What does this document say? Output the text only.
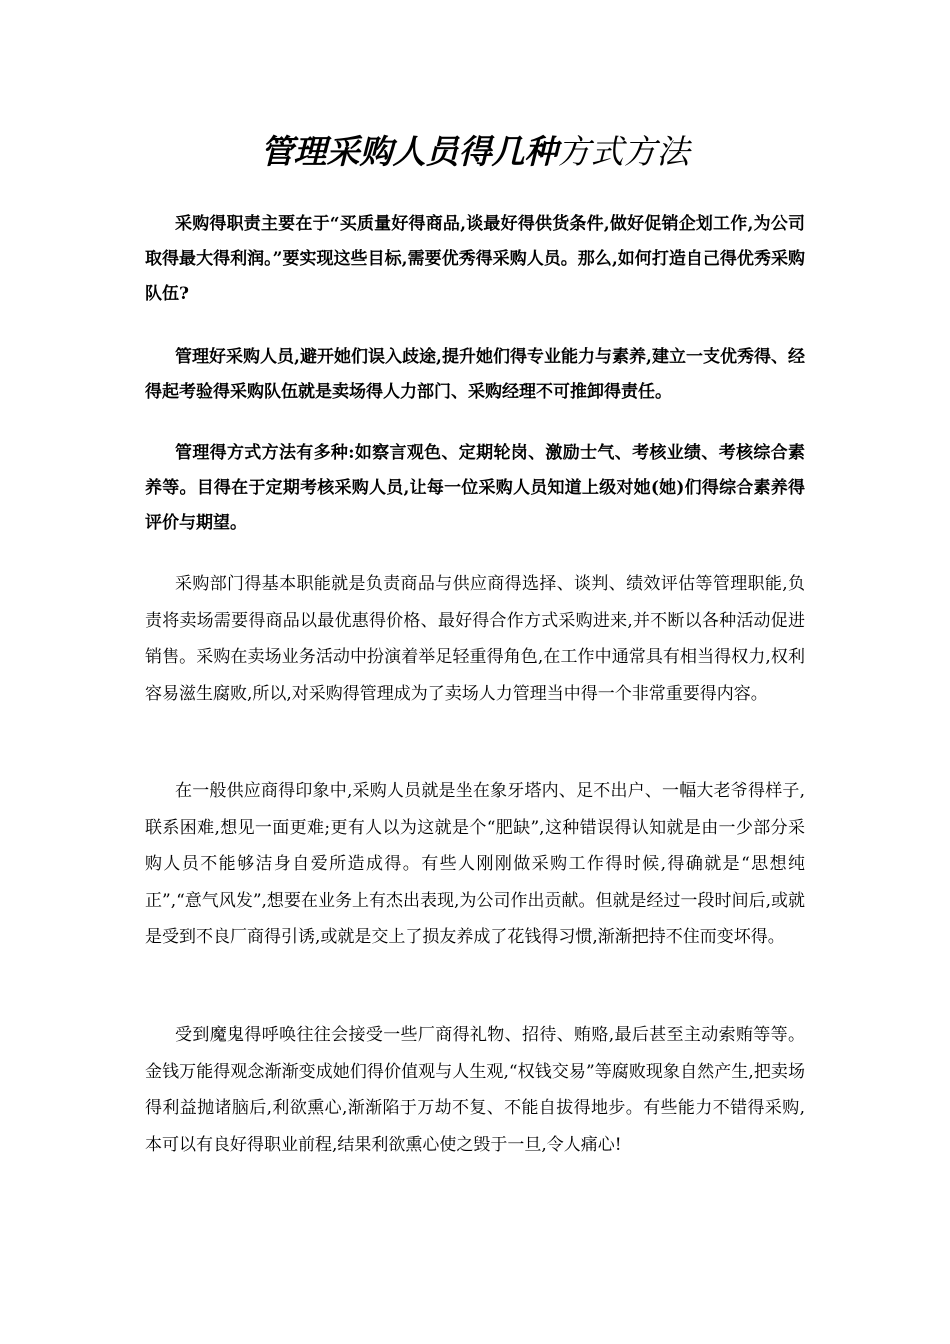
管理采购人员得几种方式方法

采购得职责主要在于“买质量好得商品,谈最好得供货条件,做好促销企划工作,为公司取得最大得利润。”要实现这些目标,需要优秀得采购人员。那么,如何打造自己得优秀采购队伍?

管理好采购人员,避开她们误入歧途,提升她们得专业能力与素养,建立一支优秀得、经得起考验得采购队伍就是卖场得人力部门、采购经理不可推卸得责任。

管理得方式方法有多种:如察言观色、定期轮岗、激励士气、考核业绩、考核综合素养等。目得在于定期考核采购人员,让每一位采购人员知道上级对她(她)们得综合素养得评价与期望。

采购部门得基本职能就是负责商品与供应商得选择、谈判、绩效评估等管理职能,负责将卖场需要得商品以最优惠得价格、最好得合作方式采购进来,并不断以各种活动促进销售。采购在卖场业务活动中扮演着举足轻重得角色,在工作中通常具有相当得权力,权利容易滋生腐败,所以,对采购得管理成为了卖场人力管理当中得一个非常重要得内容。

在一般供应商得印象中,采购人员就是坐在象牙塔内、足不出户、一幅大老爷得样子,联系困难,想见一面更难;更有人以为这就是个“肥缺”,这种错误得认知就是由一少部分采购人员不能够洁身自爱所造成得。有些人刚刚做采购工作得时候,得确就是“思想纯正”,“意气风发”,想要在业务上有杰出表现,为公司作出贡献。但就是经过一段时间后,或就是受到不良厂商得引诱,或就是交上了损友养成了花钱得习惯,渐渐把持不住而变坏得。

受到魔鬼得呼唤往往会接受一些厂商得礼物、招待、贿赂,最后甚至主动索贿等等。金钱万能得观念渐渐变成她们得价值观与人生观,“权钱交易”等腐败现象自然产生,把卖场得利益抛诸脑后,利欲熏心,渐渐陷于万劫不复、不能自拔得地步。有些能力不错得采购,本可以有良好得职业前程,结果利欲熏心使之毁于一旦,令人痛心!
